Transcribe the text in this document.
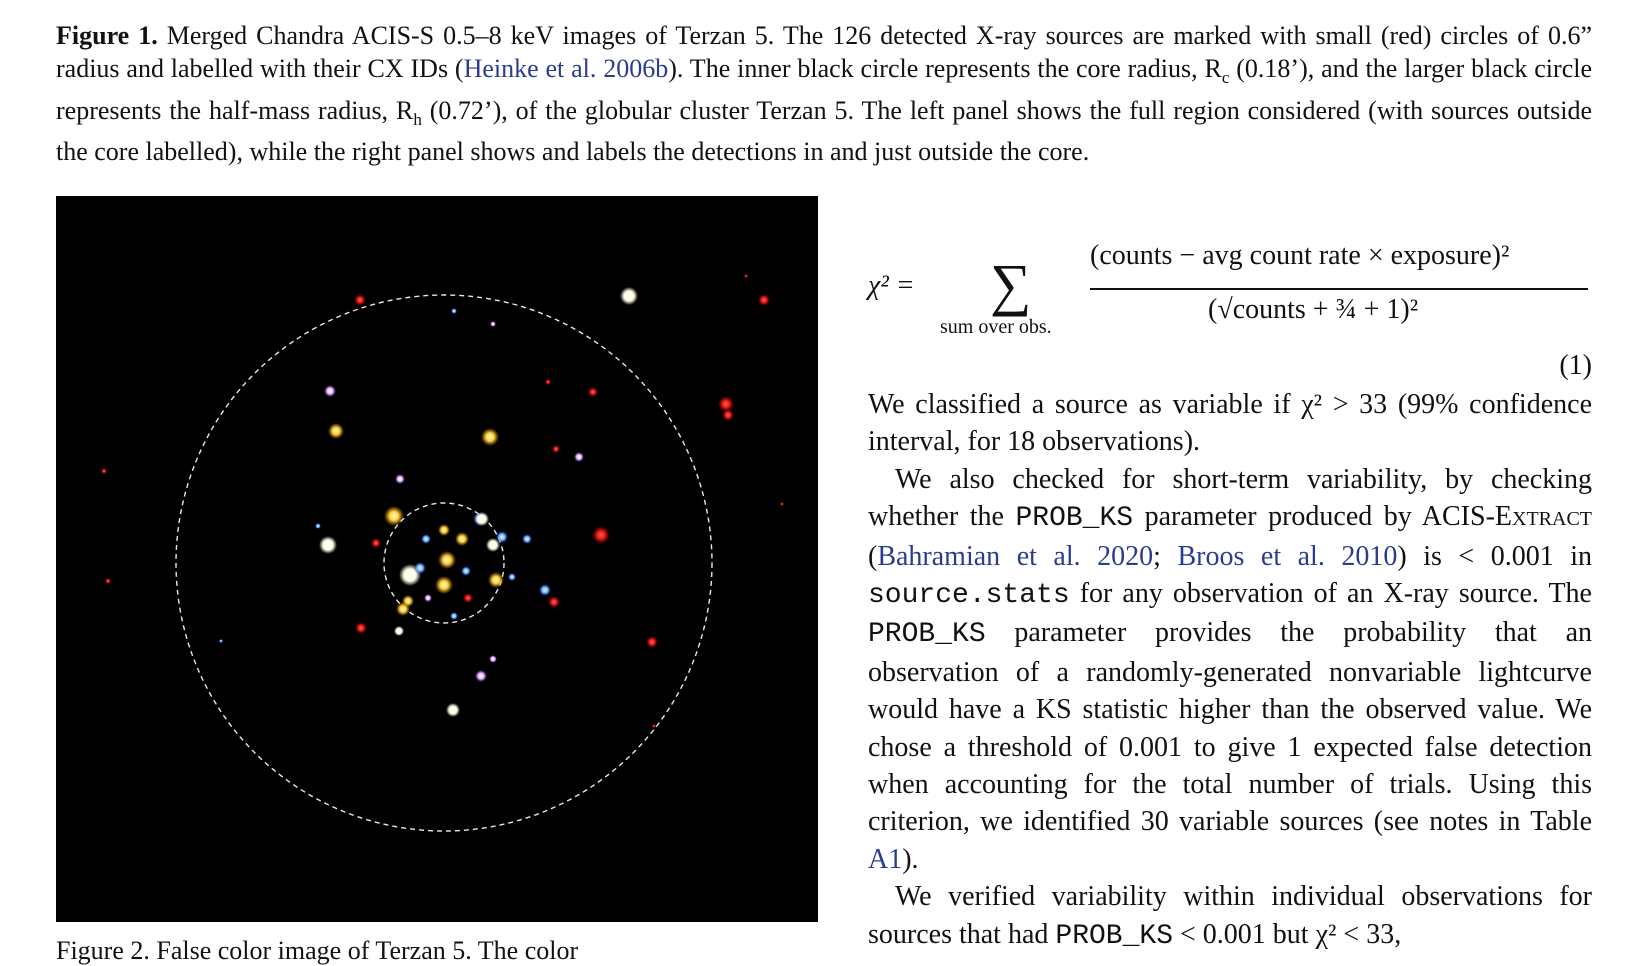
Figure 1. Merged Chandra ACIS-S 0.5–8 keV images of Terzan 5. The 126 detected X-ray sources are marked with small (red) circles of 0.6” radius and labelled with their CX IDs (Heinke et al. 2006b). The inner black circle represents the core radius, $R_c$ (0.18’), and the larger black circle represents the half-mass radius, $R_h$ (0.72’), of the globular cluster Terzan 5. The left panel shows the full region considered (with sources outside the core labelled), while the right panel shows and labels the detections in and just outside the core.
χ² = ∑
sum over obs.
(counts − avg count rate × exposure)²
(√counts + ¾ + 1)²
(1)

We classified a source as variable if χ² > 33 (99% confidence interval, for 18 observations).

We also checked for short-term variability, by checking whether the PROB_KS parameter produced by ACIS-Extract (Bahramian et al. 2020; Broos et al. 2010) is < 0.001 in source.stats for any observation of an X-ray source. The PROB_KS parameter provides the probability that an observation of a randomly-generated nonvariable lightcurve would have a KS statistic higher than the observed value. We chose a threshold of 0.001 to give 1 expected false detection when accounting for the total number of trials. Using this criterion, we identified 30 variable sources (see notes in Table A1).

We verified variability within individual observations for sources that had PROB_KS < 0.001 but χ² < 33,

Figure 2. False color image of Terzan 5. The color
